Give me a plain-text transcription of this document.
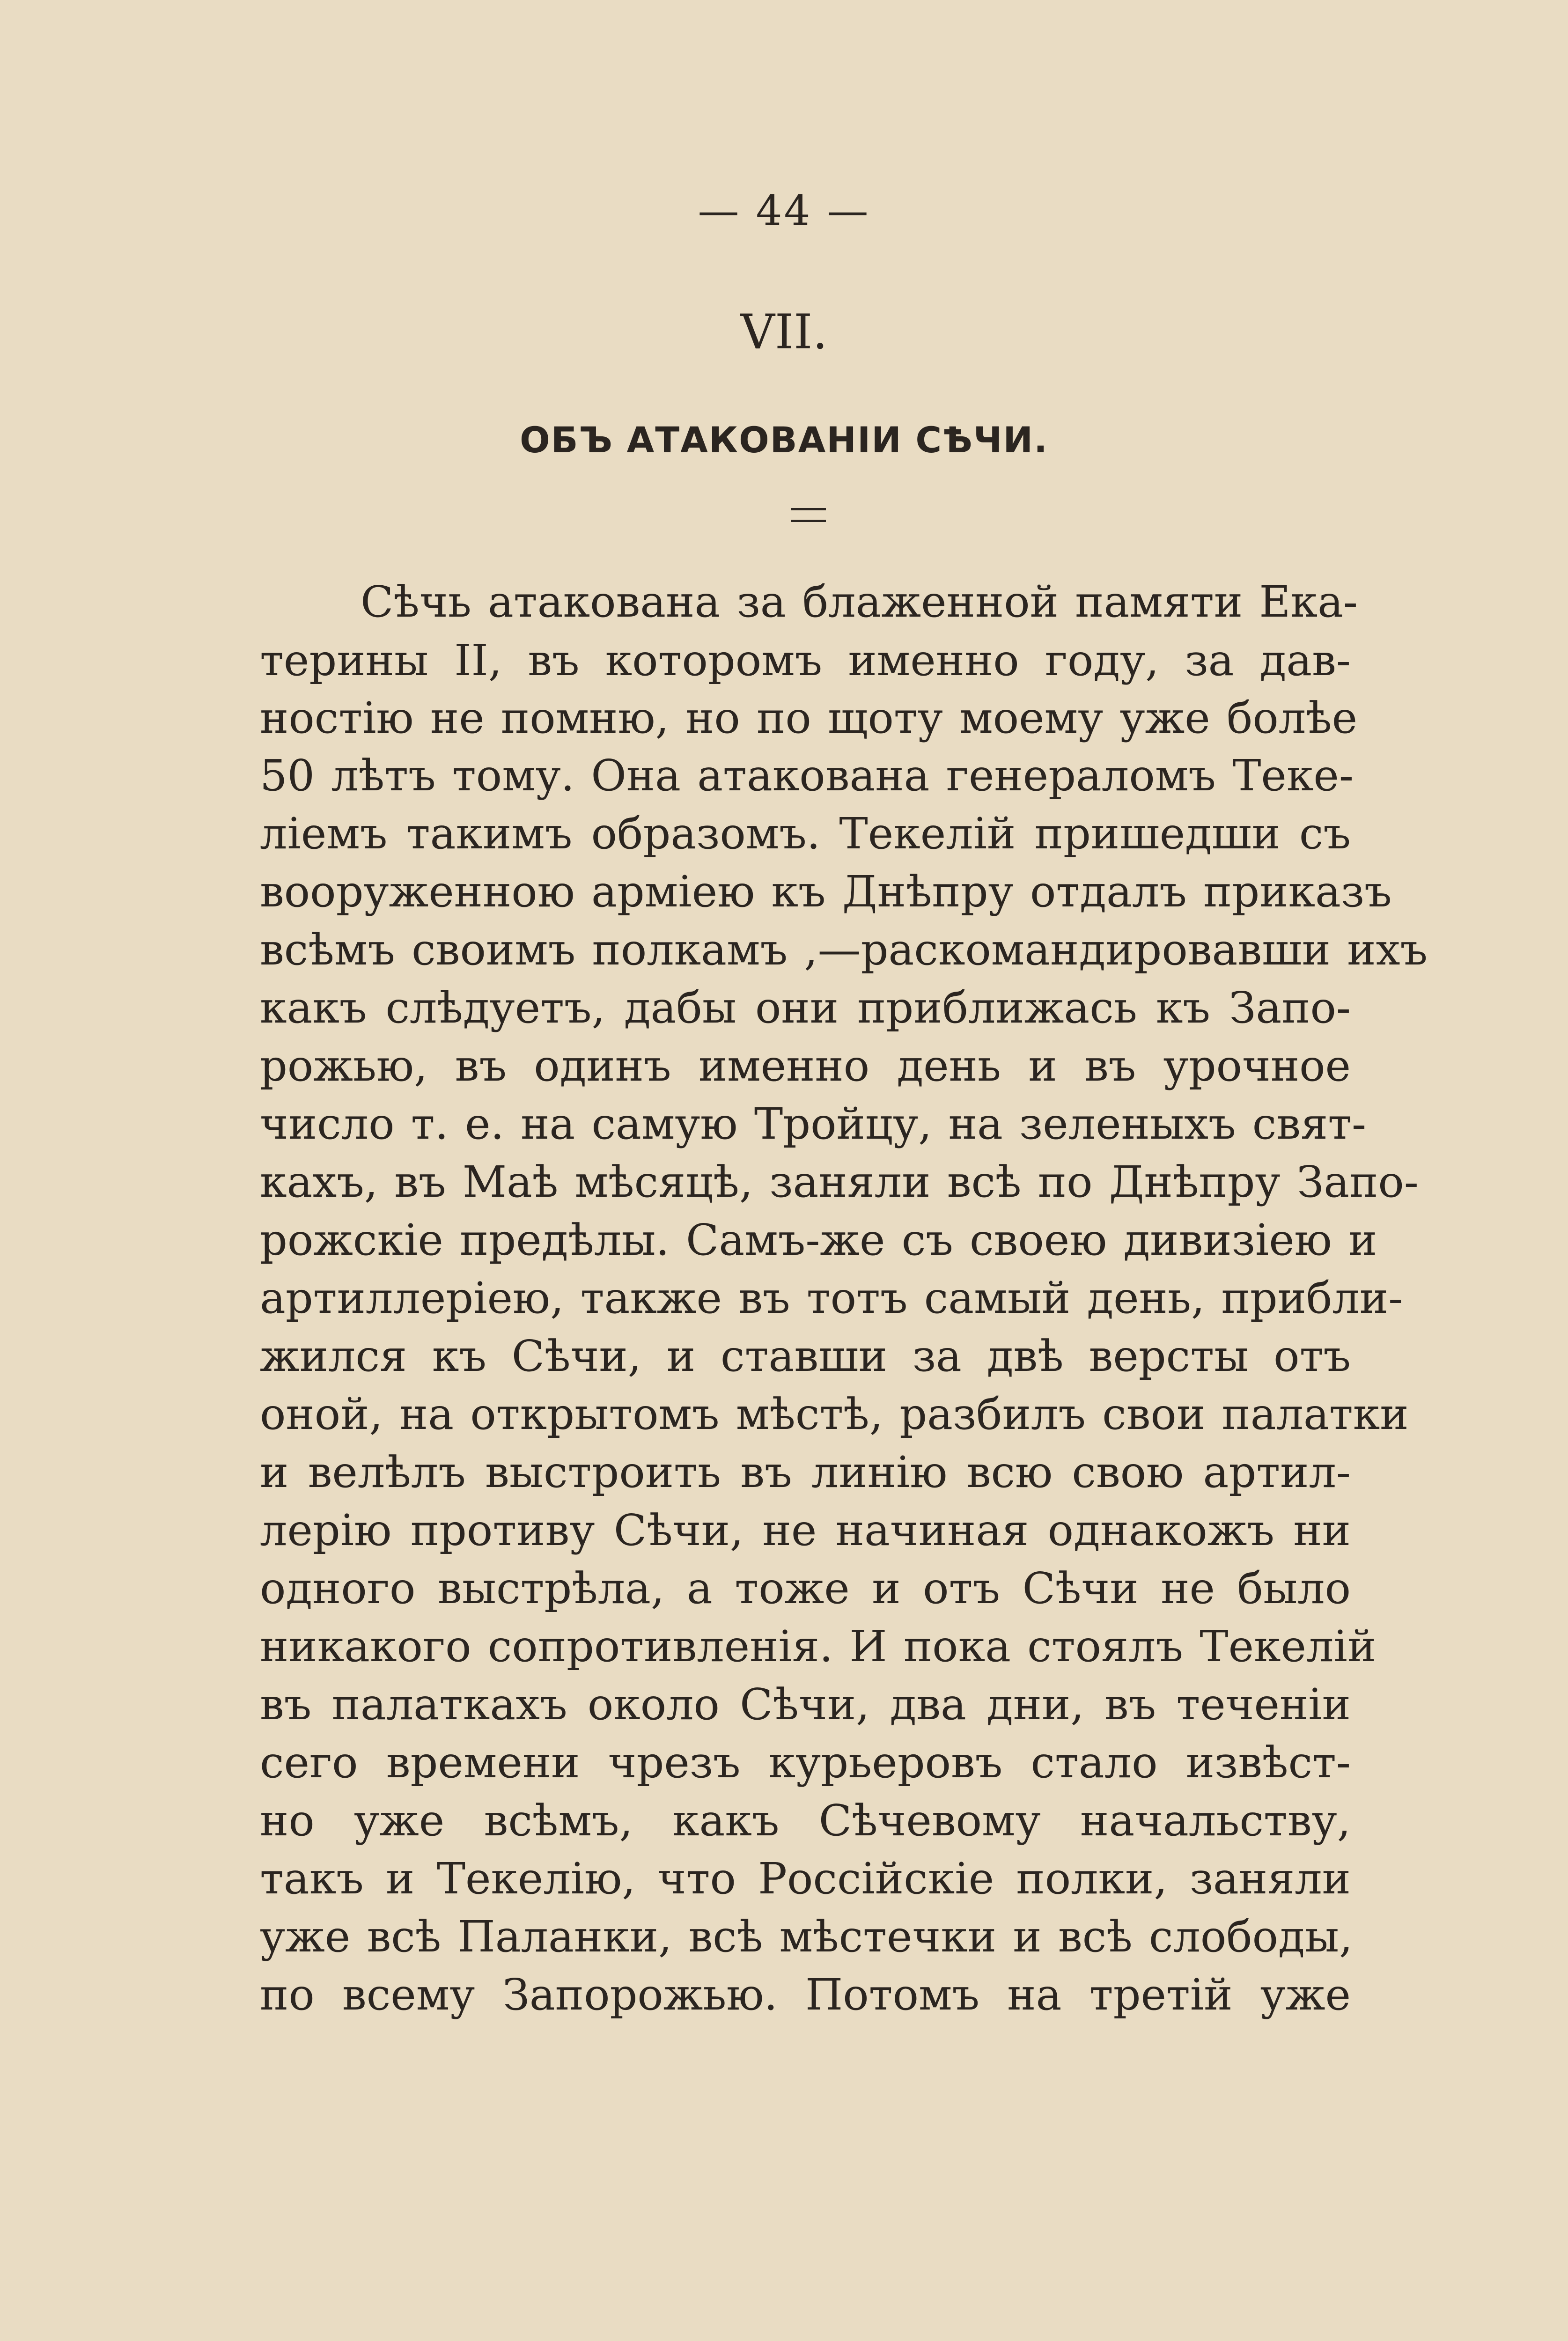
— 44 —
VII.
ОБЪ АТАКОВАНІИ СѢЧИ.
Сѣчь атакована за блаженной памяти Ека-
терины II, въ которомъ именно году, за дав-
ностію не помню, но по щоту моему уже болѣе
50 лѣтъ тому. Она атакована генераломъ Теке-
ліемъ такимъ образомъ. Текелій пришедши съ
вооруженною арміею къ Днѣпру отдалъ приказъ
всѣмъ своимъ полкамъ ,—раскомандировавши ихъ
какъ слѣдуетъ, дабы они приближась къ Запо-
рожью, въ одинъ именно день и въ урочное
число т. е. на самую Тройцу, на зеленыхъ свят-
кахъ, въ Маѣ мѣсяцѣ, заняли всѣ по Днѣпру Запо-
рожскіе предѣлы. Самъ-же съ своею дивизіею и
артиллеріею, также въ тотъ самый день, прибли-
жился къ Сѣчи, и ставши за двѣ версты отъ
оной, на открытомъ мѣстѣ, разбилъ свои палатки
и велѣлъ выстроить въ линію всю свою артил-
лерію противу Сѣчи, не начиная однакожъ ни
одного выстрѣла, а тоже и отъ Сѣчи не было
никакого сопротивленія. И пока стоялъ Текелій
въ палаткахъ около Сѣчи, два дни, въ теченіи
сего времени чрезъ курьеровъ стало извѣст-
но уже всѣмъ, какъ Сѣчевому начальству,
такъ и Текелію, что Россійскіе полки, заняли
уже всѣ Паланки, всѣ мѣстечки и всѣ слободы,
по всему Запорожью. Потомъ на третій уже
